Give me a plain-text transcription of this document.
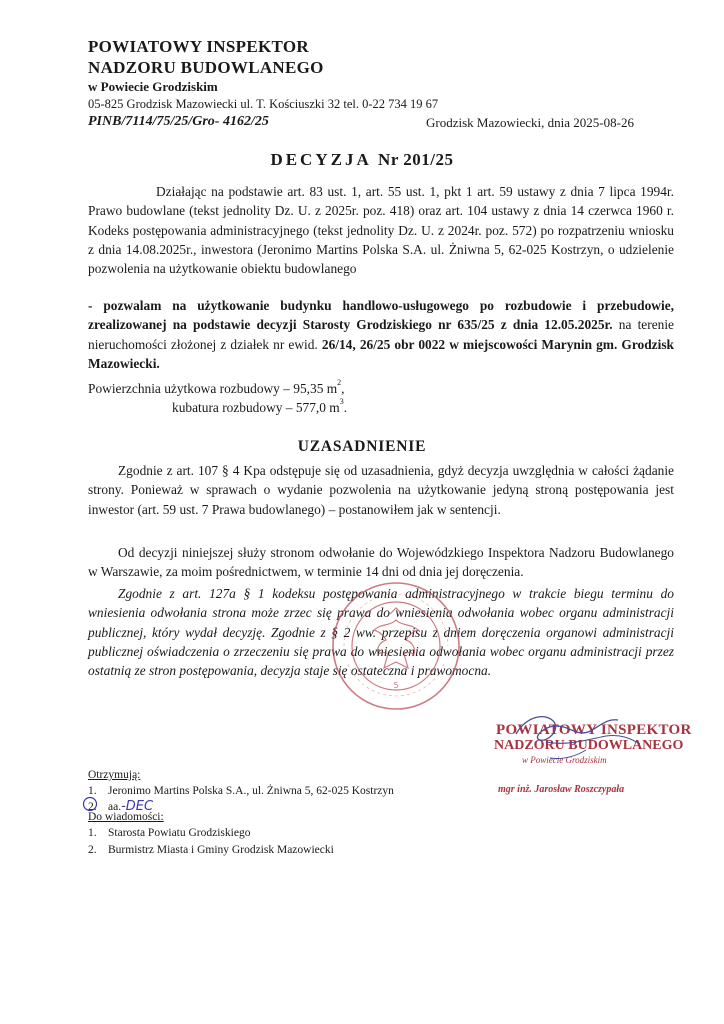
POWIATOWY INSPEKTOR
NADZORU BUDOWLANEGO
w Powiecie Grodziskim
05-825 Grodzisk Mazowiecki ul. T. Kościuszki 32 tel. 0-22 734 19 67
PINB/7114/75/25/Gro- 4162/25	Grodzisk Mazowiecki, dnia 2025-08-26
DECYZJA Nr 201/25
Działając na podstawie art. 83 ust. 1, art. 55 ust. 1, pkt 1 art. 59 ustawy z dnia 7 lipca 1994r. Prawo budowlane (tekst jednolity Dz. U. z 2025r. poz. 418) oraz art. 104 ustawy z dnia 14 czerwca 1960 r. Kodeks postępowania administracyjnego (tekst jednolity Dz. U. z 2024r. poz. 572) po rozpatrzeniu wniosku z dnia 14.08.2025r., inwestora (Jeronimo Martins Polska S.A. ul. Żniwna 5, 62-025 Kostrzyn, o udzielenie pozwolenia na użytkowanie obiektu budowlanego
- pozwalam na użytkowanie budynku handlowo-usługowego po rozbudowie i przebudowie, zrealizowanej na podstawie decyzji Starosty Grodziskiego nr 635/25 z dnia 12.05.2025r. na terenie nieruchomości złożonej z działek nr ewid. 26/14, 26/25 obr 0022 w miejscowości Marynin gm. Grodzisk Mazowiecki.
Powierzchnia użytkowa rozbudowy – 95,35 $m^2$,
kubatura rozbudowy – 577,0 $m^3$.
UZASADNIENIE
Zgodnie z art. 107 § 4 Kpa odstępuje się od uzasadnienia, gdyż decyzja uwzględnia w całości żądanie strony. Ponieważ w sprawach o wydanie pozwolenia na użytkowanie jedyną stroną postępowania jest inwestor (art. 59 ust. 7 Prawa budowlanego) – postanowiłem jak w sentencji.
Od decyzji niniejszej służy stronom odwołanie do Wojewódzkiego Inspektora Nadzoru Budowlanego w Warszawie, za moim pośrednictwem, w terminie 14 dni od dnia jej doręczenia.
Zgodnie z art. 127a § 1 kodeksu postępowania administracyjnego w trakcie biegu terminu do wniesienia odwołania strona może zrzec się prawa do wniesienia odwołania wobec organu administracji publicznej, który wydał decyzję. Zgodnie z § 2 ww. przepisu z dniem doręczenia organowi administracji publicznej oświadczenia o zrzeczeniu się prawa do wniesienia odwołania wobec organu administracji przez ostatnią ze stron postępowania, decyzja staje się ostateczna i prawomocna.
5
POWIATOWY INSPEKTOR
NADZORU BUDOWLANEGO
w Powiecie Grodziskim
mgr inż. Jarosław Roszczypała
Otrzymują:
1. Jeronimo Martins Polska S.A., ul. Żniwna 5, 62-025 Kostrzyn
2. aa.-DEC
Do wiadomości:
1. Starosta Powiatu Grodziskiego
2. Burmistrz Miasta i Gminy Grodzisk Mazowiecki
